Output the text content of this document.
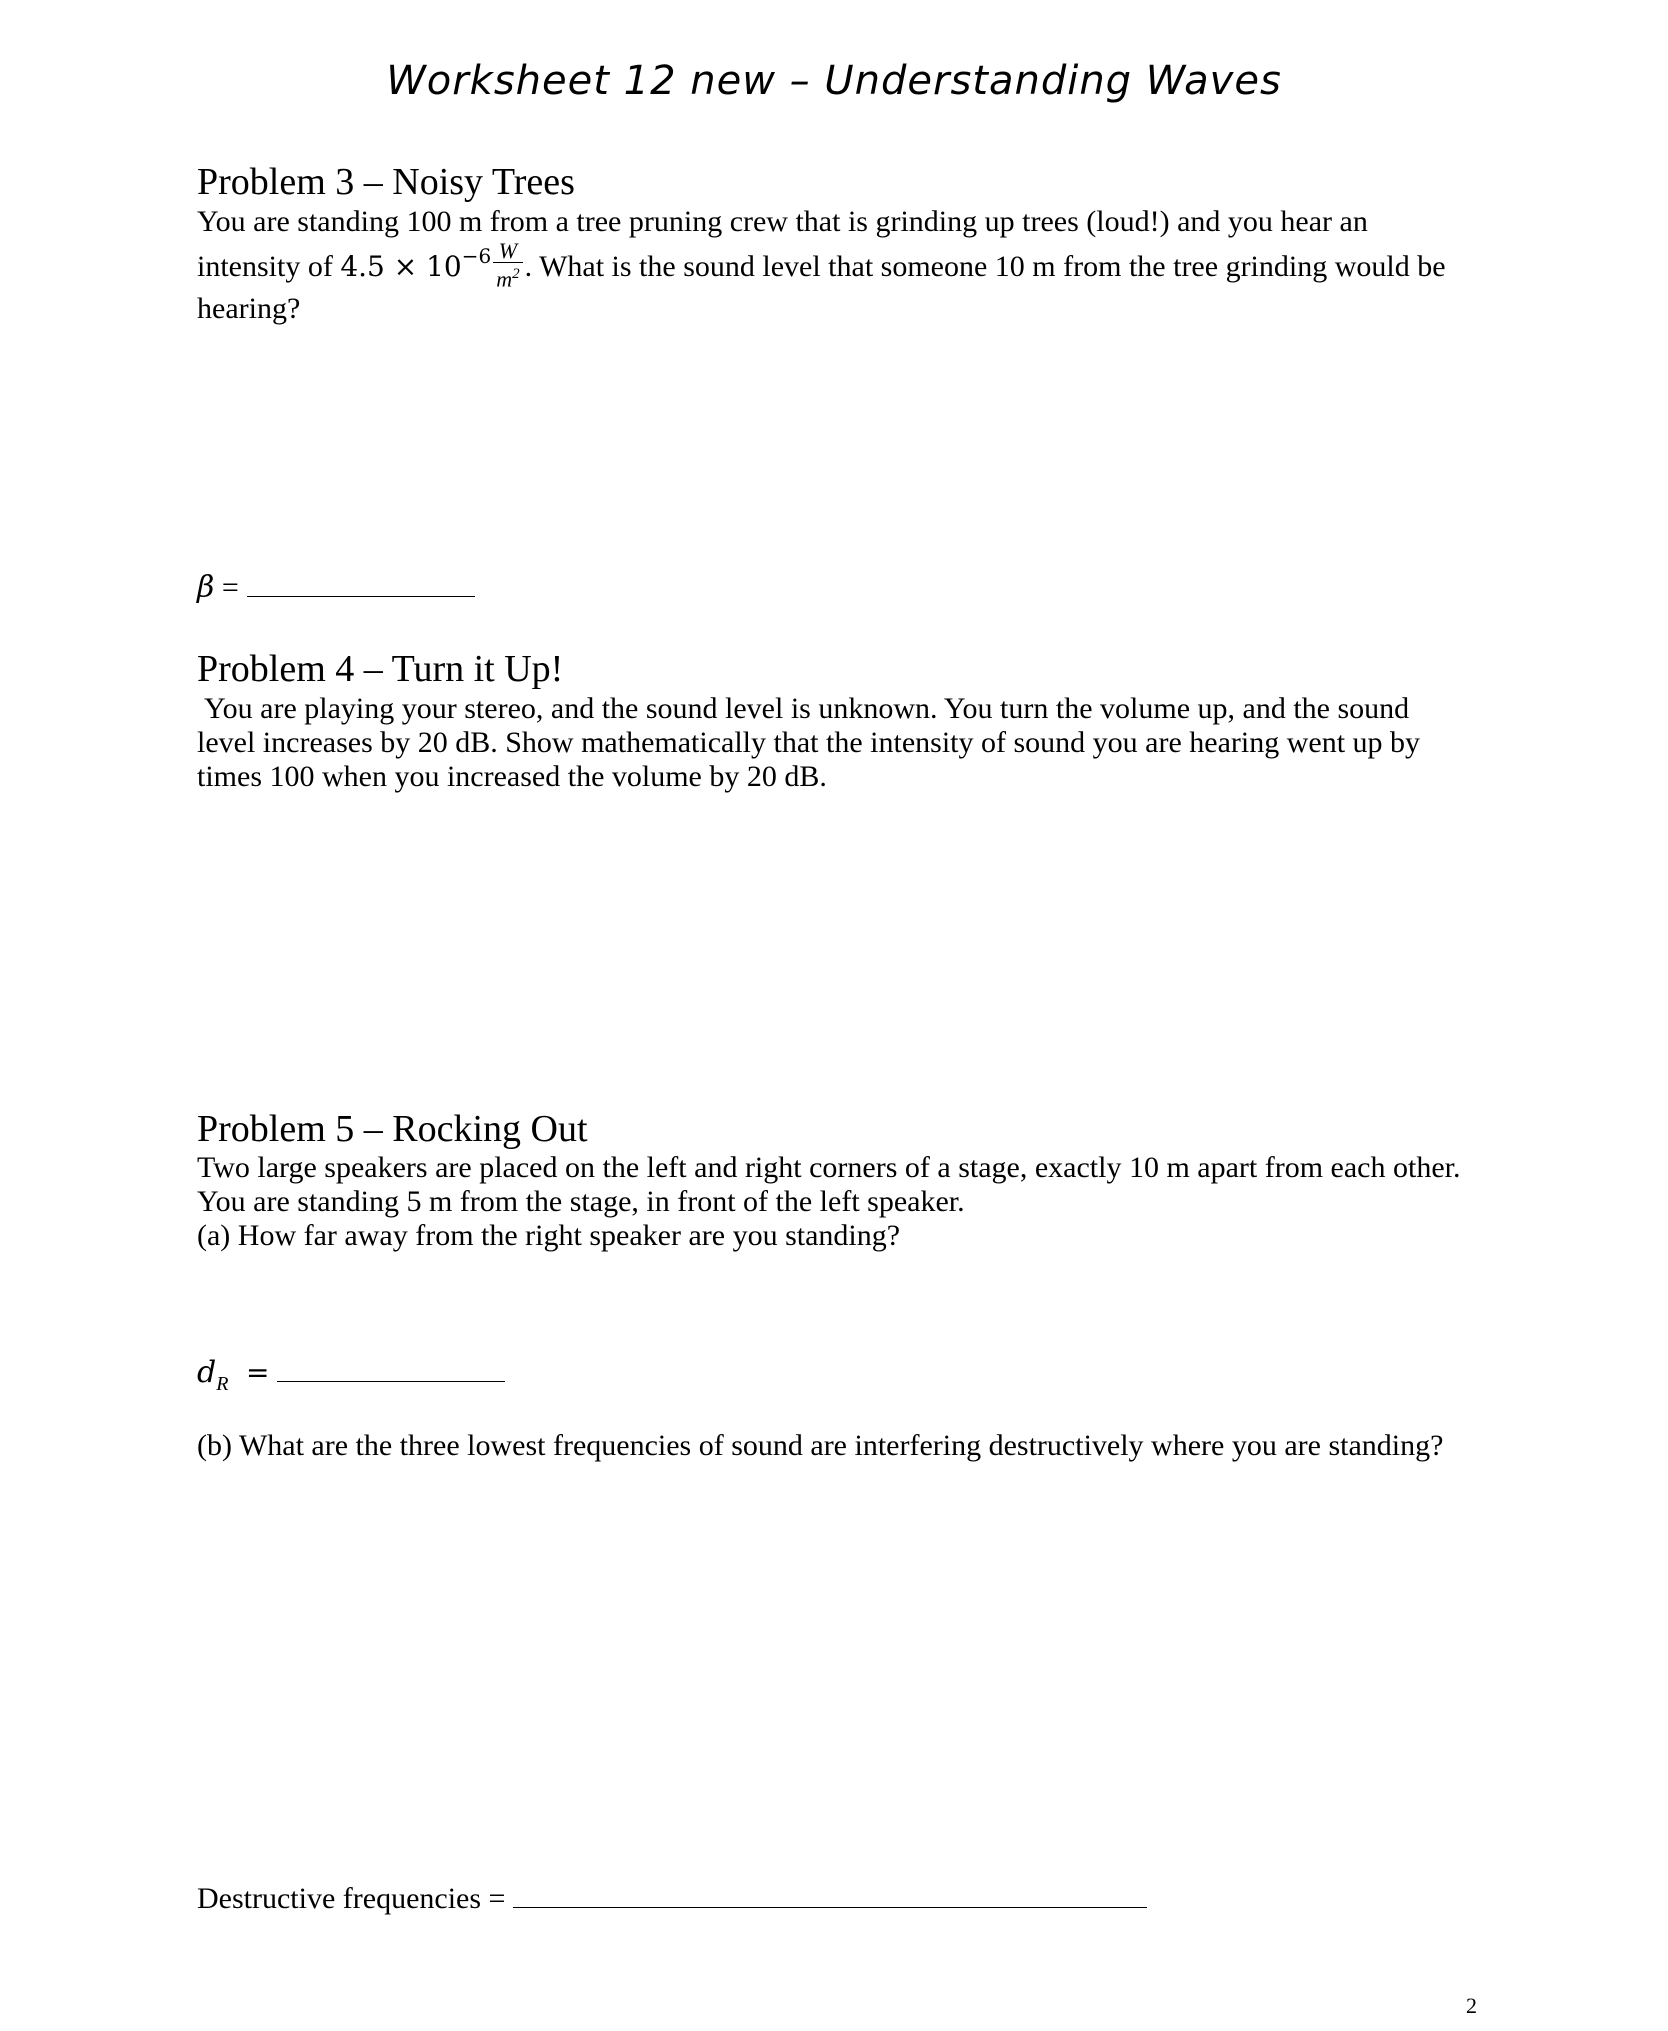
Worksheet 12 new – Understanding Waves
Problem 3 – Noisy Trees
You are standing 100 m from a tree pruning crew that is grinding up trees (loud!) and you hear an
intensity of $4.5 \times 10^{-6} \frac{W}{m^2}$ . What is the sound level that someone 10 m from the tree grinding would be
hearing?
β =
Problem 4 – Turn it Up!
You are playing your stereo, and the sound level is unknown. You turn the volume up, and the sound
level increases by 20 dB. Show mathematically that the intensity of sound you are hearing went up by
times 100 when you increased the volume by 20 dB.
Problem 5 – Rocking Out
Two large speakers are placed on the left and right corners of a stage, exactly 10 m apart from each other.
You are standing 5 m from the stage, in front of the left speaker.
(a) How far away from the right speaker are you standing?
$d_R$ =
(b) What are the three lowest frequencies of sound are interfering destructively where you are standing?
Destructive frequencies =
2
